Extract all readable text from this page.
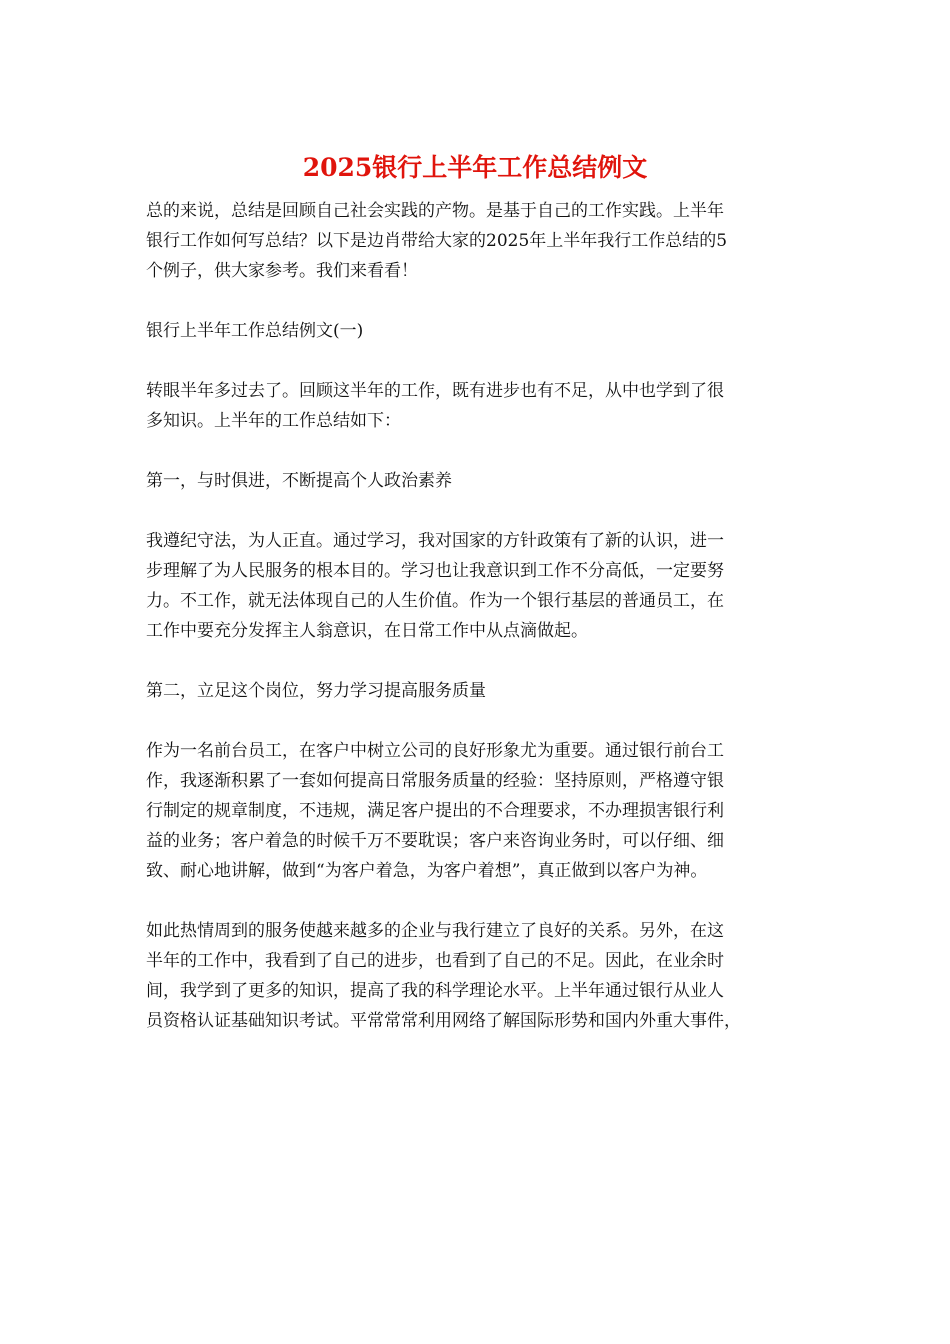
2025银行上半年工作总结例文

总的来说，总结是回顾自己社会实践的产物。是基于自己的工作实践。上半年
银行工作如何写总结？以下是边肖带给大家的2025年上半年我行工作总结的5
个例子，供大家参考。我们来看看！

银行上半年工作总结例文(一)

转眼半年多过去了。回顾这半年的工作，既有进步也有不足，从中也学到了很
多知识。上半年的工作总结如下：

第一，与时俱进，不断提高个人政治素养

我遵纪守法，为人正直。通过学习，我对国家的方针政策有了新的认识，进一
步理解了为人民服务的根本目的。学习也让我意识到工作不分高低，一定要努
力。不工作，就无法体现自己的人生价值。作为一个银行基层的普通员工，在
工作中要充分发挥主人翁意识，在日常工作中从点滴做起。

第二，立足这个岗位，努力学习提高服务质量

作为一名前台员工，在客户中树立公司的良好形象尤为重要。通过银行前台工
作，我逐渐积累了一套如何提高日常服务质量的经验：坚持原则，严格遵守银
行制定的规章制度，不违规，满足客户提出的不合理要求，不办理损害银行利
益的业务；客户着急的时候千万不要耽误；客户来咨询业务时，可以仔细、细
致、耐心地讲解，做到“为客户着急，为客户着想”，真正做到以客户为神。

如此热情周到的服务使越来越多的企业与我行建立了良好的关系。另外，在这
半年的工作中，我看到了自己的进步，也看到了自己的不足。因此，在业余时
间，我学到了更多的知识，提高了我的科学理论水平。上半年通过银行从业人
员资格认证基础知识考试。平常常常利用网络了解国际形势和国内外重大事件，
